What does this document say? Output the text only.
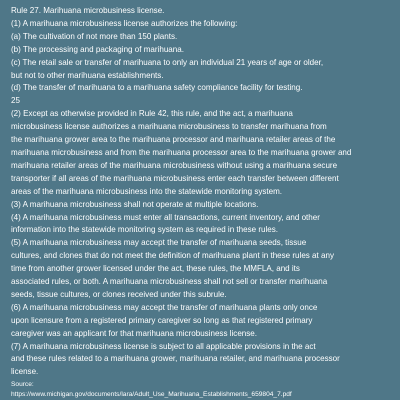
Rule 27. Marihuana microbusiness license.
(1) A marihuana microbusiness license authorizes the following:
(a) The cultivation of not more than 150 plants.
(b) The processing and packaging of marihuana.
(c) The retail sale or transfer of marihuana to only an individual 21 years of age or older,
but not to other marihuana establishments.
(d) The transfer of marihuana to a marihuana safety compliance facility for testing.
25
(2) Except as otherwise provided in Rule 42, this rule, and the act, a marihuana
microbusiness license authorizes a marihuana microbusiness to transfer marihuana from
the marihuana grower area to the marihuana processor and marihuana retailer areas of the
marihuana microbusiness and from the marihuana processor area to the marihuana grower and
marihuana retailer areas of the marihuana microbusiness without using a marihuana secure
transporter if all areas of the marihuana microbusiness enter each transfer between different
areas of the marihuana microbusiness into the statewide monitoring system.
(3) A marihuana microbusiness shall not operate at multiple locations.
(4) A marihuana microbusiness must enter all transactions, current inventory, and other
information into the statewide monitoring system as required in these rules.
(5) A marihuana microbusiness may accept the transfer of marihuana seeds, tissue
cultures, and clones that do not meet the definition of marihuana plant in these rules at any
time from another grower licensed under the act, these rules, the MMFLA, and its
associated rules, or both. A marihuana microbusiness shall not sell or transfer marihuana
seeds, tissue cultures, or clones received under this subrule.
(6) A marihuana microbusiness may accept the transfer of marihuana plants only once
upon licensure from a registered primary caregiver so long as that registered primary
caregiver was an applicant for that marihuana microbusiness license.
(7) A marihuana microbusiness license is subject to all applicable provisions in the act
and these rules related to a marihuana grower, marihuana retailer, and marihuana processor
license.
Source:
https://www.michigan.gov/documents/lara/Adult_Use_Marihuana_Establishments_659804_7.pdf
